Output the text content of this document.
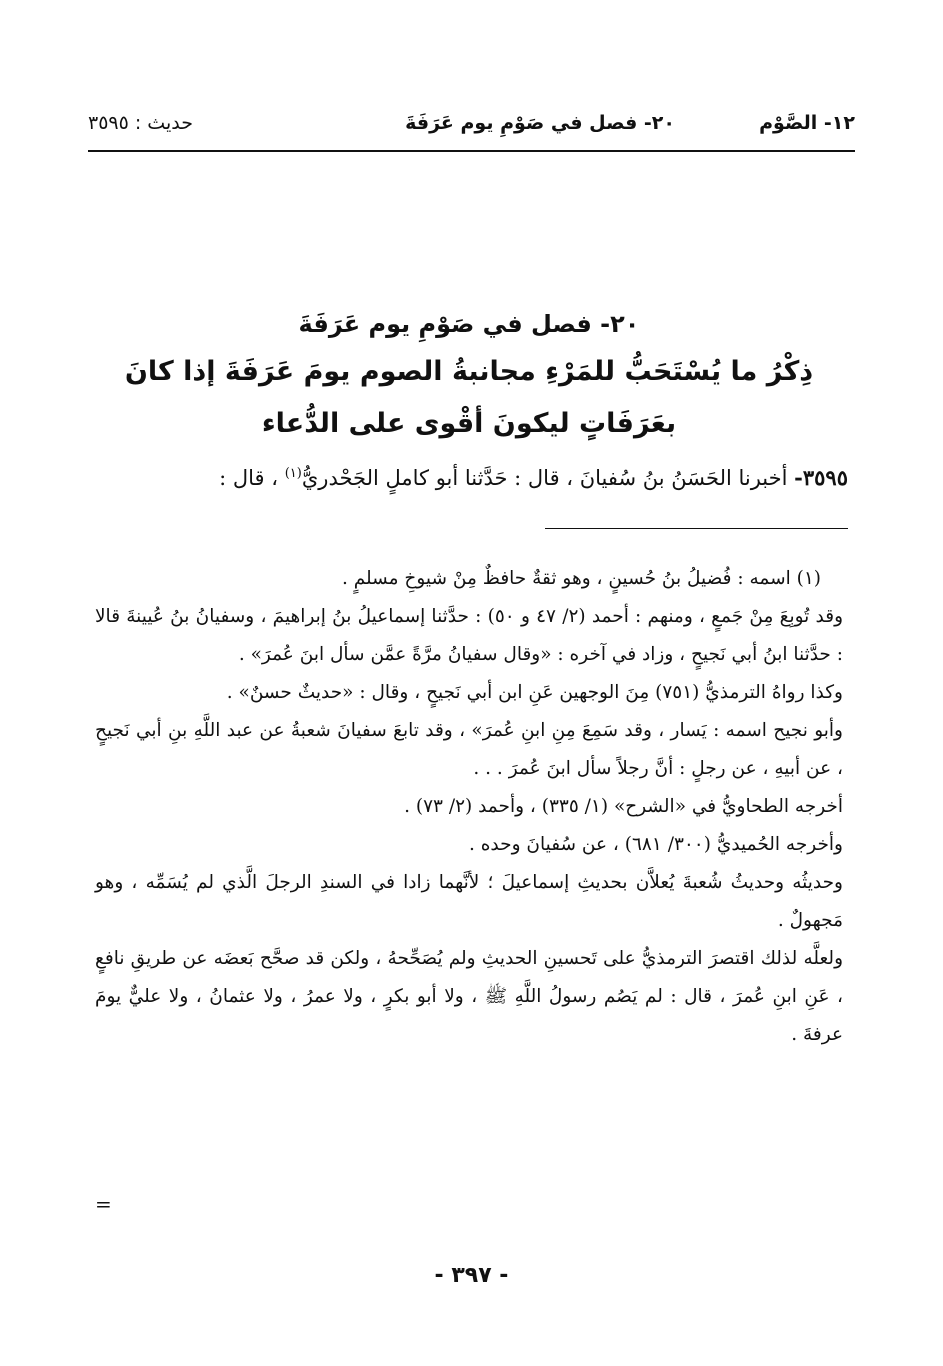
١٢- الصَّوْم
٢٠- فصل في صَوْمِ يوم عَرَفَةَ
حديث : ٣٥٩٥
٢٠- فصل في صَوْمِ يوم عَرَفَةَ
ذِكْرُ ما يُسْتَحَبُّ للمَرْءِ مجانبةُ الصوم يومَ عَرَفَةَ إذا كانَ
بعَرَفَاتٍ ليكونَ أقْوى على الدُّعاء
٣٥٩٥- أخبرنا الحَسَنُ بنُ سُفيانَ ، قال : حَدَّثنا أبو كاملٍ الجَحْدريُّ$^{(١)}$ ، قال :

(١) اسمه : فُضيلُ بنُ حُسينٍ ، وهو ثقةٌ حافظٌ مِنْ شيوخِ مسلمٍ .

وقد تُوبِعَ مِنْ جَمعٍ ، ومنهم : أحمد (٢/ ٤٧ و ٥٠) : حدَّثنا إسماعيلُ بنُ إبراهيمَ ، وسفيانُ بنُ عُيينةَ قالا : حدَّثنا ابنُ أبي نَجيحٍ ، وزاد في آخره : «وقال سفيانُ مرَّةً عمَّن سأل ابنَ عُمرَ» .

وكذا رواهُ الترمذيُّ (٧٥١) مِنَ الوجهين عَنِ ابن أبي نَجيحٍ ، وقال : «حديثٌ حسنٌ» .

وأبو نجيح اسمه : يَسار ، وقد سَمِعَ مِنِ ابنِ عُمرَ» ، وقد تابعَ سفيانَ شعبةُ عن عبد اللَّهِ بنِ أبي نَجيحٍ ، عن أبيهِ ، عن رجلٍ : أنَّ رجلاً سأل ابنَ عُمرَ . . .

أخرجه الطحاويُّ في «الشرح» (١/ ٣٣٥) ، وأحمد (٢/ ٧٣) .

وأخرجه الحُميديُّ (٣٠٠/ ٦٨١) ، عن سُفيانَ وحده .

وحديثُه وحديثُ شُعبةَ يُعلاَّن بحديثِ إسماعيلَ ؛ لأنَّهما زادا في السندِ الرجلَ الَّذي لم يُسَمِّه ، وهو مَجهولٌ .

ولعلَّه لذلك اقتصرَ الترمذيُّ على تَحسينِ الحديثِ ولم يُصَحِّحهُ ، ولكن قد صحَّح بَعضَه عن طريقِ نافعٍ ، عَنِ ابنِ عُمرَ ، قال : لم يَصُم رسولُ اللَّهِ ﷺ ، ولا أبو بكرٍ ، ولا عمرُ ، ولا عثمانُ ، ولا عليٌّ يومَ عرفةَ .

=
- ٣٩٧ -
